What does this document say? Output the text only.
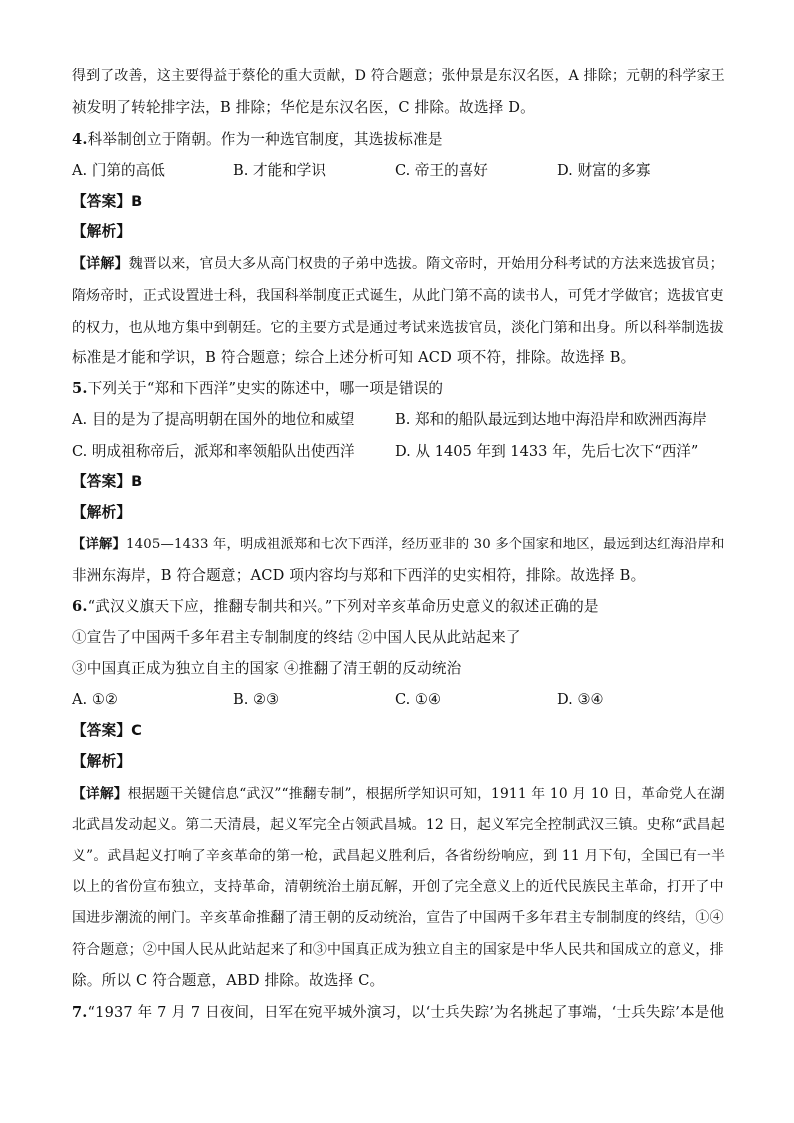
得到了改善，这主要得益于蔡伦的重大贡献，D 符合题意；张仲景是东汉名医，A 排除；元朝的科学家王
祯发明了转轮排字法，B 排除；华佗是东汉名医，C 排除。故选择 D。
4.科举制创立于隋朝。作为一种选官制度，其选拔标准是
A. 门第的高低	B. 才能和学识	C. 帝王的喜好	D. 财富的多寡
【答案】B
【解析】
【详解】魏晋以来，官员大多从高门权贵的子弟中选拔。隋文帝时，开始用分科考试的方法来选拔官员；
隋炀帝时，正式设置进士科，我国科举制度正式诞生，从此门第不高的读书人，可凭才学做官；选拔官吏
的权力，也从地方集中到朝廷。它的主要方式是通过考试来选拔官员，淡化门第和出身。所以科举制选拔
标准是才能和学识，B 符合题意；综合上述分析可知 ACD 项不符，排除。故选择 B。
5.下列关于“郑和下西洋”史实的陈述中，哪一项是错误的
A. 目的是为了提高明朝在国外的地位和威望	B. 郑和的船队最远到达地中海沿岸和欧洲西海岸
C. 明成祖称帝后，派郑和率领船队出使西洋	D. 从 1405 年到 1433 年，先后七次下“西洋”
【答案】B
【解析】
【详解】1405—1433 年，明成祖派郑和七次下西洋，经历亚非的 30 多个国家和地区，最远到达红海沿岸和
非洲东海岸，B 符合题意；ACD 项内容均与郑和下西洋的史实相符，排除。故选择 B。
6.“武汉义旗天下应，推翻专制共和兴。”下列对辛亥革命历史意义的叙述正确的是
①宣告了中国两千多年君主专制制度的终结 ②中国人民从此站起来了
③中国真正成为独立自主的国家 ④推翻了清王朝的反动统治
A. ①②	B. ②③	C. ①④	D. ③④
【答案】C
【解析】
【详解】根据题干关键信息“武汉”“推翻专制”，根据所学知识可知，1911 年 10 月 10 日，革命党人在湖
北武昌发动起义。第二天清晨，起义军完全占领武昌城。12 日，起义军完全控制武汉三镇。史称“武昌起
义”。武昌起义打响了辛亥革命的第一枪，武昌起义胜利后，各省纷纷响应，到 11 月下旬，全国已有一半
以上的省份宣布独立，支持革命，清朝统治土崩瓦解，开创了完全意义上的近代民族民主革命，打开了中
国进步潮流的闸门。辛亥革命推翻了清王朝的反动统治，宣告了中国两千多年君主专制制度的终结，①④
符合题意；②中国人民从此站起来了和③中国真正成为独立自主的国家是中华人民共和国成立的意义，排
除。所以 C 符合题意，ABD 排除。故选择 C。
7.“1937 年 7 月 7 日夜间，日军在宛平城外演习，以‘士兵失踪’为名挑起了事端，‘士兵失踪’本是他
